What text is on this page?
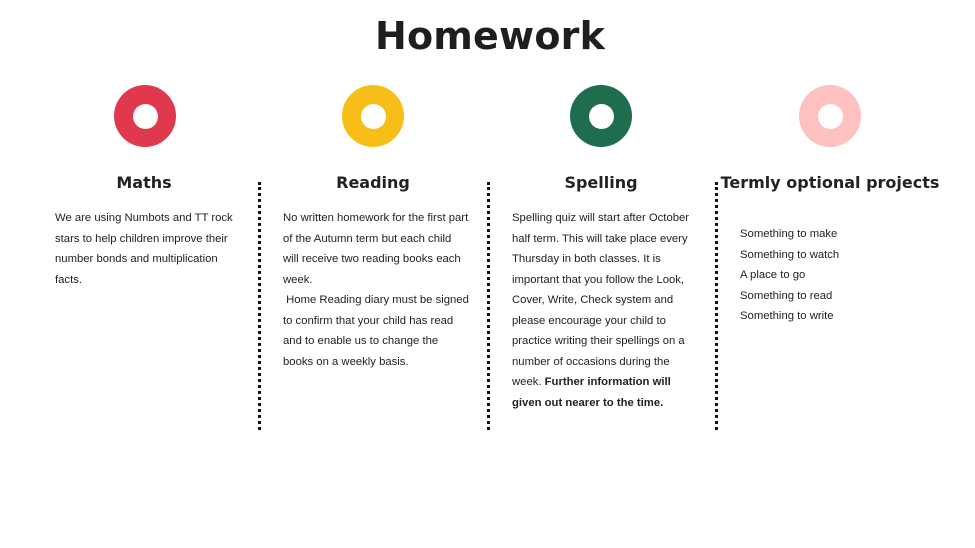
Homework
Maths

We are using Numbots and TT rock stars to help children improve their number bonds and multiplication facts.

Reading

No written homework for the first part of the Autumn term but each child will receive two reading books each week.

Home Reading diary must be signed to confirm that your child has read and to enable us to change the books on a weekly basis.

Spelling

Spelling quiz will start after October half term. This will take place every Thursday in both classes. It is important that you follow the Look, Cover, Write, Check system and please encourage your child to practice writing their spellings on a number of occasions during the week. Further information will given out nearer to the time.

Termly optional projects
Something to make
Something to watch
A place to go
Something to read
Something to write
